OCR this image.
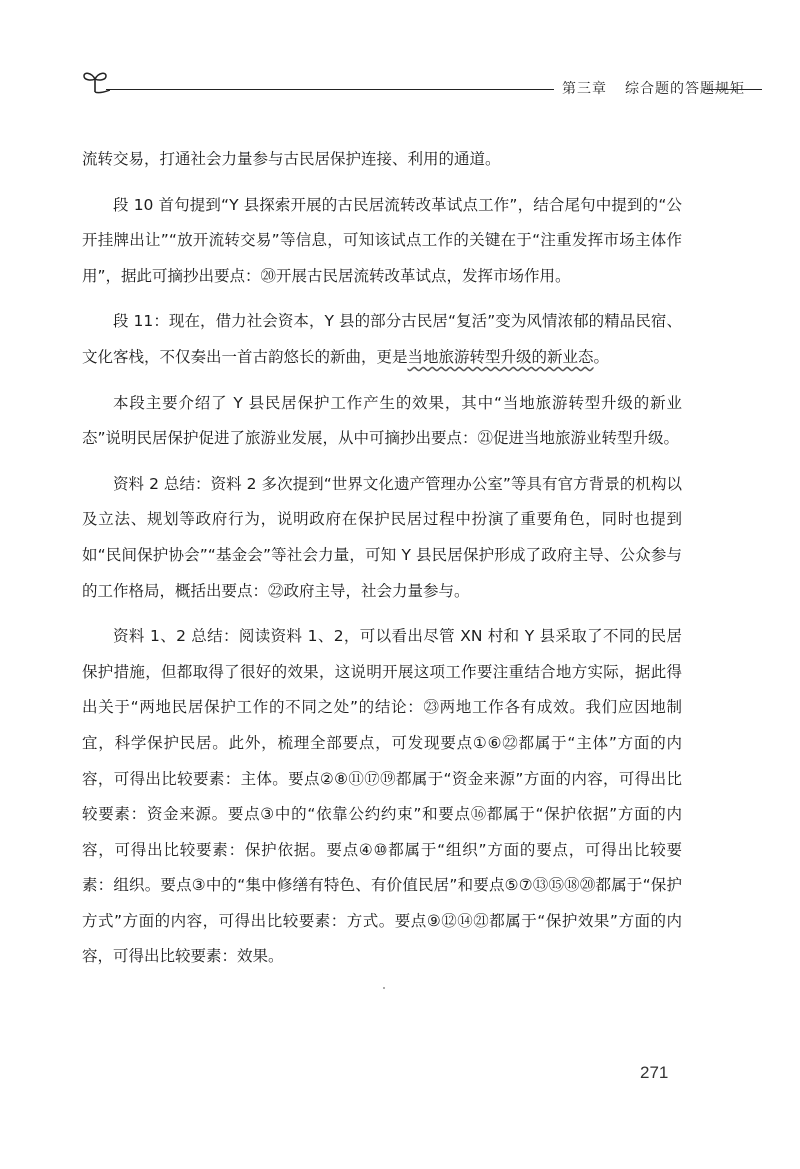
第三章 综合题的答题规矩

流转交易，打通社会力量参与古民居保护连接、利用的通道。

段 10 首句提到“Y 县探索开展的古民居流转改革试点工作”，结合尾句中提到的“公开挂牌出让”“放开流转交易”等信息，可知该试点工作的关键在于“注重发挥市场主体作用”，据此可摘抄出要点：⑳开展古民居流转改革试点，发挥市场作用。

段 11：现在，借力社会资本，Y 县的部分古民居“复活”变为风情浓郁的精品民宿、文化客栈，不仅奏出一首古韵悠长的新曲，更是当地旅游转型升级的新业态。

本段主要介绍了 Y 县民居保护工作产生的效果，其中“当地旅游转型升级的新业态”说明民居保护促进了旅游业发展，从中可摘抄出要点：㉑促进当地旅游业转型升级。

资料 2 总结：资料 2 多次提到“世界文化遗产管理办公室”等具有官方背景的机构以及立法、规划等政府行为，说明政府在保护民居过程中扮演了重要角色，同时也提到如“民间保护协会”“基金会”等社会力量，可知 Y 县民居保护形成了政府主导、公众参与的工作格局，概括出要点：㉒政府主导，社会力量参与。

资料 1、2 总结：阅读资料 1、2，可以看出尽管 XN 村和 Y 县采取了不同的民居保护措施，但都取得了很好的效果，这说明开展这项工作要注重结合地方实际，据此得出关于“两地民居保护工作的不同之处”的结论：㉓两地工作各有成效。我们应因地制宜，科学保护民居。此外，梳理全部要点，可发现要点①⑥㉒都属于“主体”方面的内容，可得出比较要素：主体。要点②⑧⑪⑰⑲都属于“资金来源”方面的内容，可得出比较要素：资金来源。要点③中的“依靠公约约束”和要点⑯都属于“保护依据”方面的内容，可得出比较要素：保护依据。要点④⑩都属于“组织”方面的要点，可得出比较要素：组织。要点③中的“集中修缮有特色、有价值民居”和要点⑤⑦⑬⑮⑱⑳都属于“保护方式”方面的内容，可得出比较要素：方式。要点⑨⑫⑭㉑都属于“保护效果”方面的内容，可得出比较要素：效果。

271
